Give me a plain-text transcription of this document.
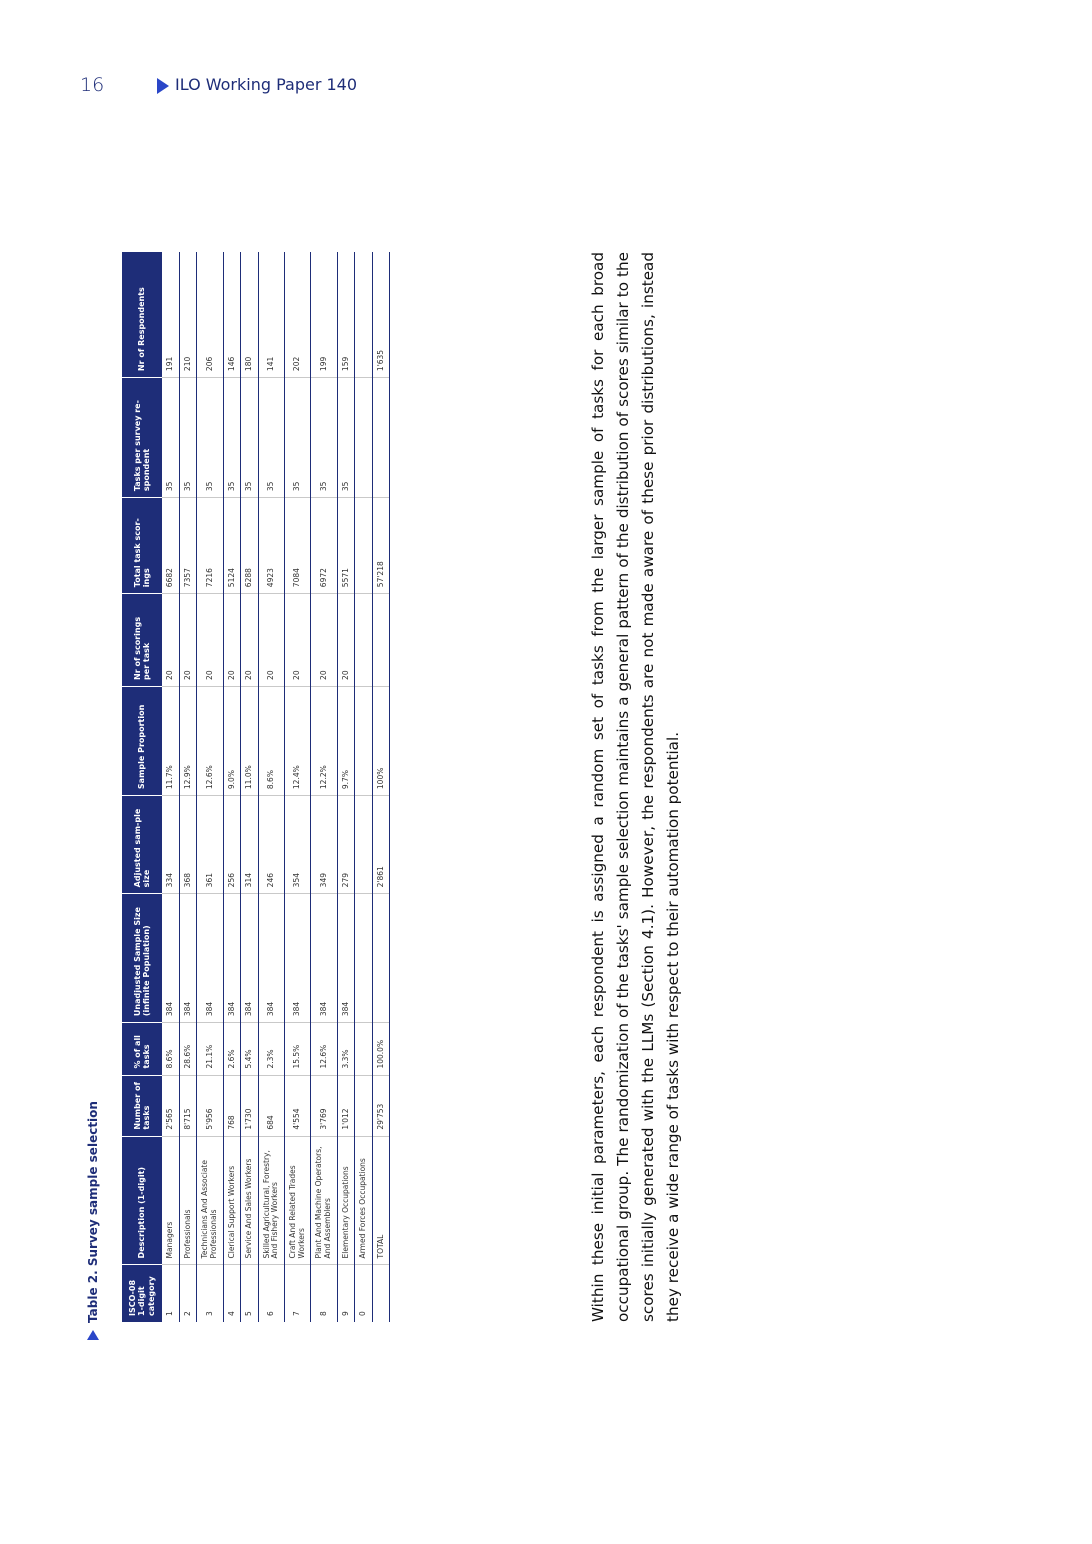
16	ILO Working Paper 140
Table 2. Survey sample selection	ISCO-08 1-digit category	Description (1-digit)	Number of tasks	% of all tasks	Unadjusted Sample Size (infinite Population)	Adjusted sam-ple size	Sample Proportion	Nr of scorings per task	Total task scor-ings	Tasks per survey re-spondent	Nr of Respondents
1	Managers	2'565	8.6%	384	334	11.7%	20	6682	35	191
2	Professionals	8'715	28.6%	384	368	12.9%	20	7357	35	210
3	Technicians And Associate Professionals	5'956	21.1%	384	361	12.6%	20	7216	35	206
4	Clerical Support Workers	768	2.6%	384	256	9.0%	20	5124	35	146
5	Service And Sales Workers	1'730	5.4%	384	314	11.0%	20	6288	35	180
6	Skilled Agricultural, Forestry, And Fishery Workers	684	2.3%	384	246	8.6%	20	4923	35	141
7	Craft And Related Trades Workers	4'554	15.5%	384	354	12.4%	20	7084	35	202
8	Plant And Machine Operators, And Assemblers	3'769	12.6%	384	349	12.2%	20	6972	35	199
9	Elementary Occupations	1'012	3.3%	384	279	9.7%	20	5571	35	159
0	Armed Forces Occupations									
	TOTAL	29'753	100.0%		2'861	100%		57'218		1'635	Within these initial parameters, each respondent is assigned a random set of tasks from the larger sample of tasks for each broad occupational group. The randomization of the tasks' sample selection maintains a general pattern of the distribution of scores similar to the scores initially generated with the LLMs (Section 4.1). However, the respondents are not made aware of these prior distributions, instead they receive a wide range of tasks with respect to their automation potential.
